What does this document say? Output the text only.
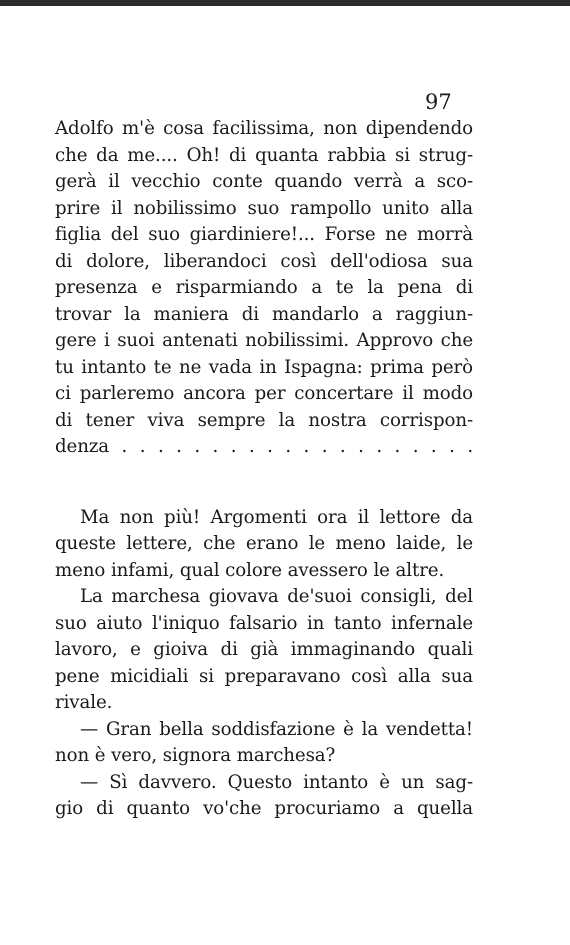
97
Adolfo m'è cosa facilissima, non dipendendo
che da me.... Oh! di quanta rabbia si strug-
gerà il vecchio conte quando verrà a sco-
prire il nobilissimo suo rampollo unito alla
figlia del suo giardiniere!... Forse ne morrà
di dolore, liberandoci così dell'odiosa sua
presenza e risparmiando a te la pena di
trovar la maniera di mandarlo a raggiun-
gere i suoi antenati nobilissimi. Approvo che
tu intanto te ne vada in Ispagna: prima però
ci parleremo ancora per concertare il modo
di tener viva sempre la nostra corrispon-
denza . . . . . . . . . . . . . . . . . . . .
Ma non più! Argomenti ora il lettore da
queste lettere, che erano le meno laide, le
meno infami, qual colore avessero le altre.
La marchesa giovava de'suoi consigli, del
suo aiuto l'iniquo falsario in tanto infernale
lavoro, e gioiva di già immaginando quali
pene micidiali si preparavano così alla sua
rivale.
— Gran bella soddisfazione è la vendetta!
non è vero, signora marchesa?
— Sì davvero. Questo intanto è un sag-
gio di quanto vo'che procuriamo a quella
